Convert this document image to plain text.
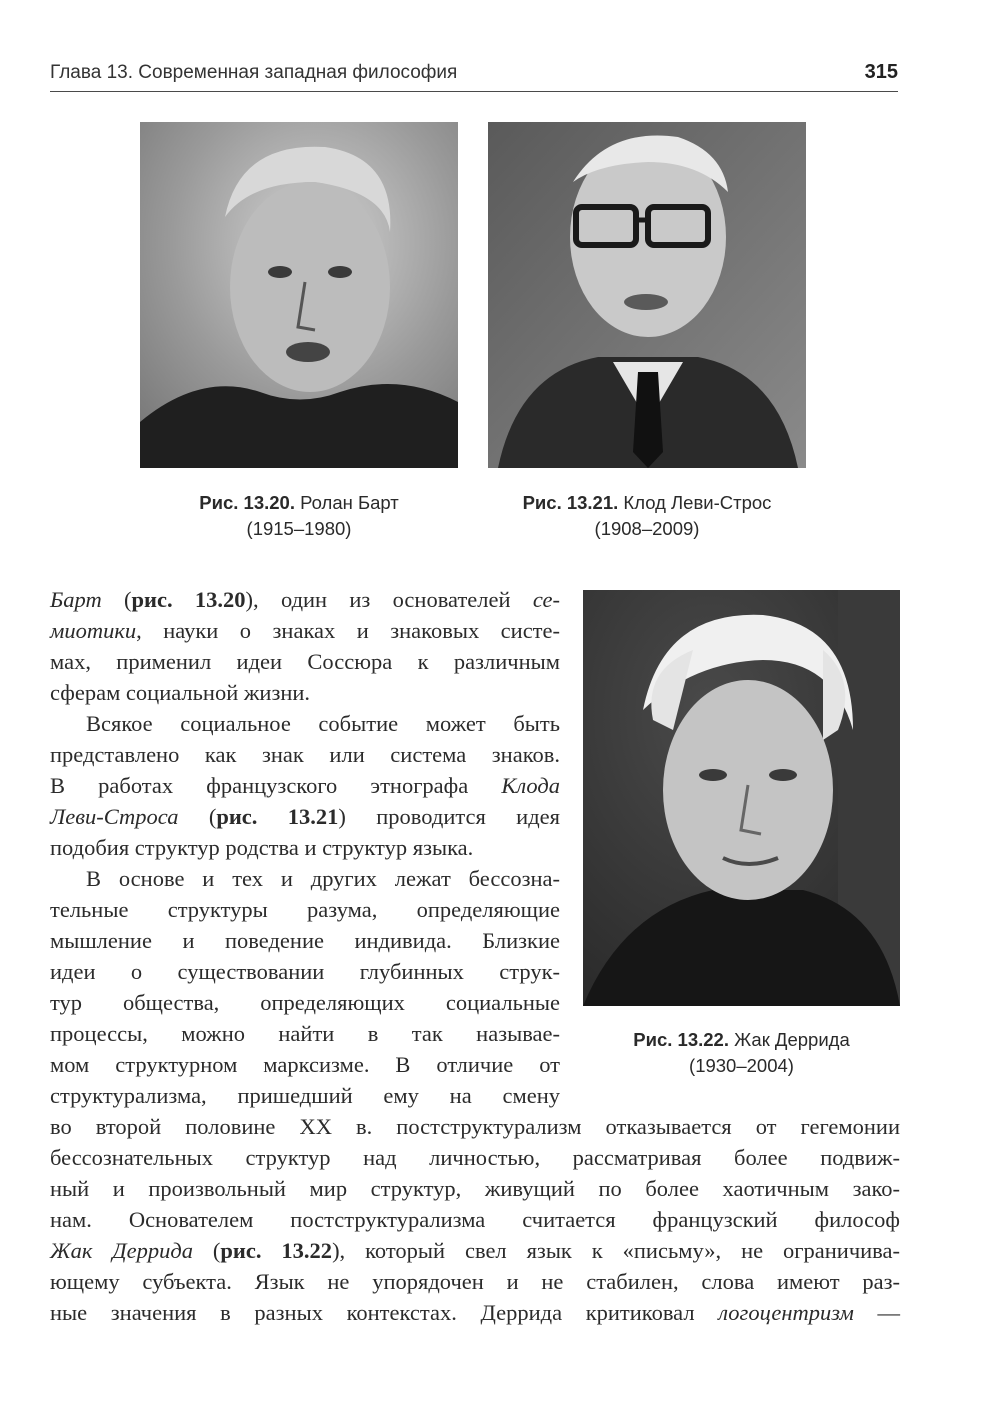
Глава 13. Современная западная философия	315
Рис. 13.20. Ролан Барт
(1915–1980)
Рис. 13.21. Клод Леви-Строс
(1908–2009)
Рис. 13.22. Жак Деррида
(1930–2004)
Барт (рис. 13.20), один из основателей се-
миотики, науки о знаках и знаковых систе-
мах, применил идеи Соссюра к различным
сферам социальной жизни.
Всякое социальное событие может быть
представлено как знак или система знаков.
В работах французского этнографа Клода
Леви-Строса (рис. 13.21) проводится идея
подобия структур родства и структур языка.
В основе и тех и других лежат бессозна-
тельные структуры разума, определяющие
мышление и поведение индивида. Близкие
идеи о существовании глубинных струк-
тур общества, определяющих социальные
процессы, можно найти в так называе-
мом структурном марксизме. В отличие от
структурализма, пришедший ему на смену
во второй половине XX в. постструктурализм отказывается от гегемонии
бессознательных структур над личностью, рассматривая более подвиж-
ный и произвольный мир структур, живущий по более хаотичным зако-
нам. Основателем постструктурализма считается французский философ
Жак Деррида (рис. 13.22), который свел язык к «письму», не ограничива-
ющему субъекта. Язык не упорядочен и не стабилен, слова имеют раз-
ные значения в разных контекстах. Деррида критиковал логоцентризм —
